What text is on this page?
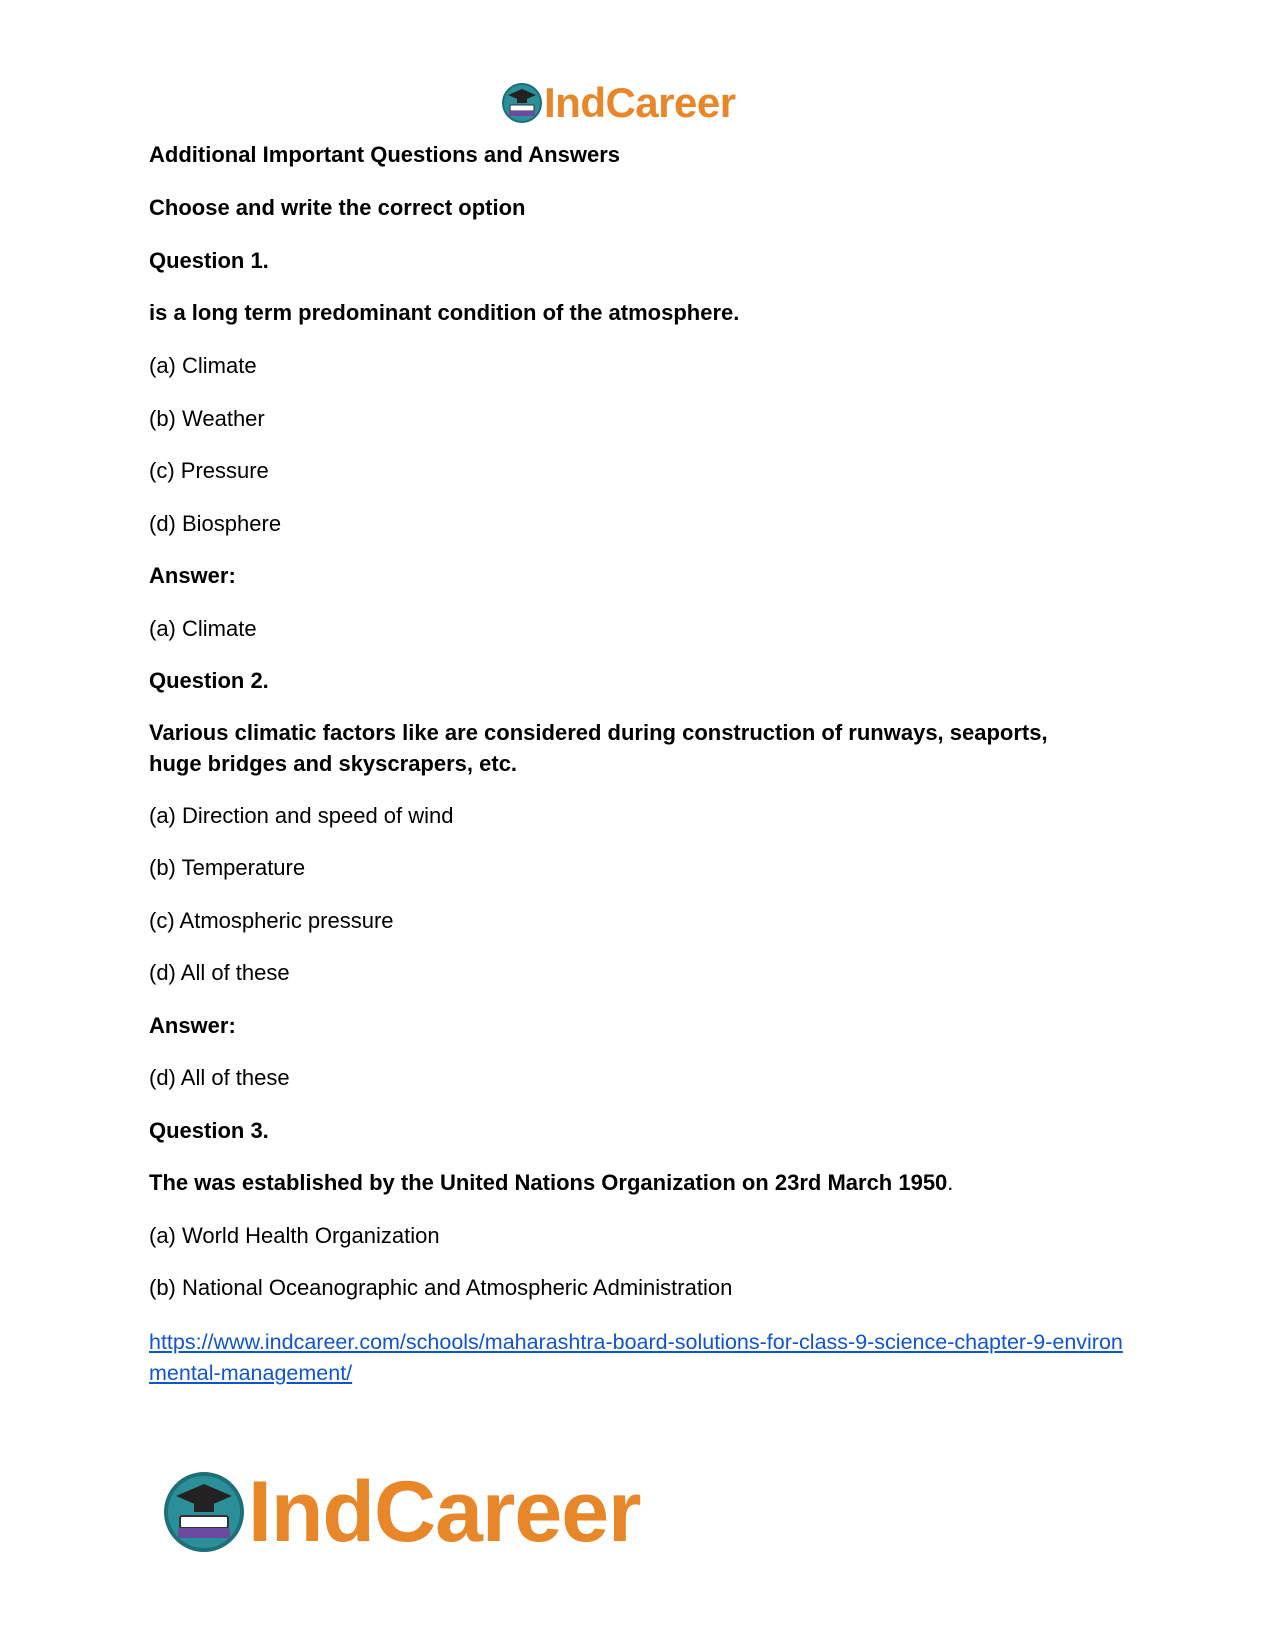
IndCareer
Additional Important Questions and Answers
Choose and write the correct option
Question 1.
is a long term predominant condition of the atmosphere.
(a) Climate
(b) Weather
(c) Pressure
(d) Biosphere
Answer:
(a) Climate
Question 2.
Various climatic factors like are considered during construction of runways, seaports, huge bridges and skyscrapers, etc.
(a) Direction and speed of wind
(b) Temperature
(c) Atmospheric pressure
(d) All of these
Answer:
(d) All of these
Question 3.
The was established by the United Nations Organization on 23rd March 1950.
(a) World Health Organization
(b) National Oceanographic and Atmospheric Administration
https://www.indcareer.com/schools/maharashtra-board-solutions-for-class-9-science-chapter-9-environmental-management/
IndCareer
